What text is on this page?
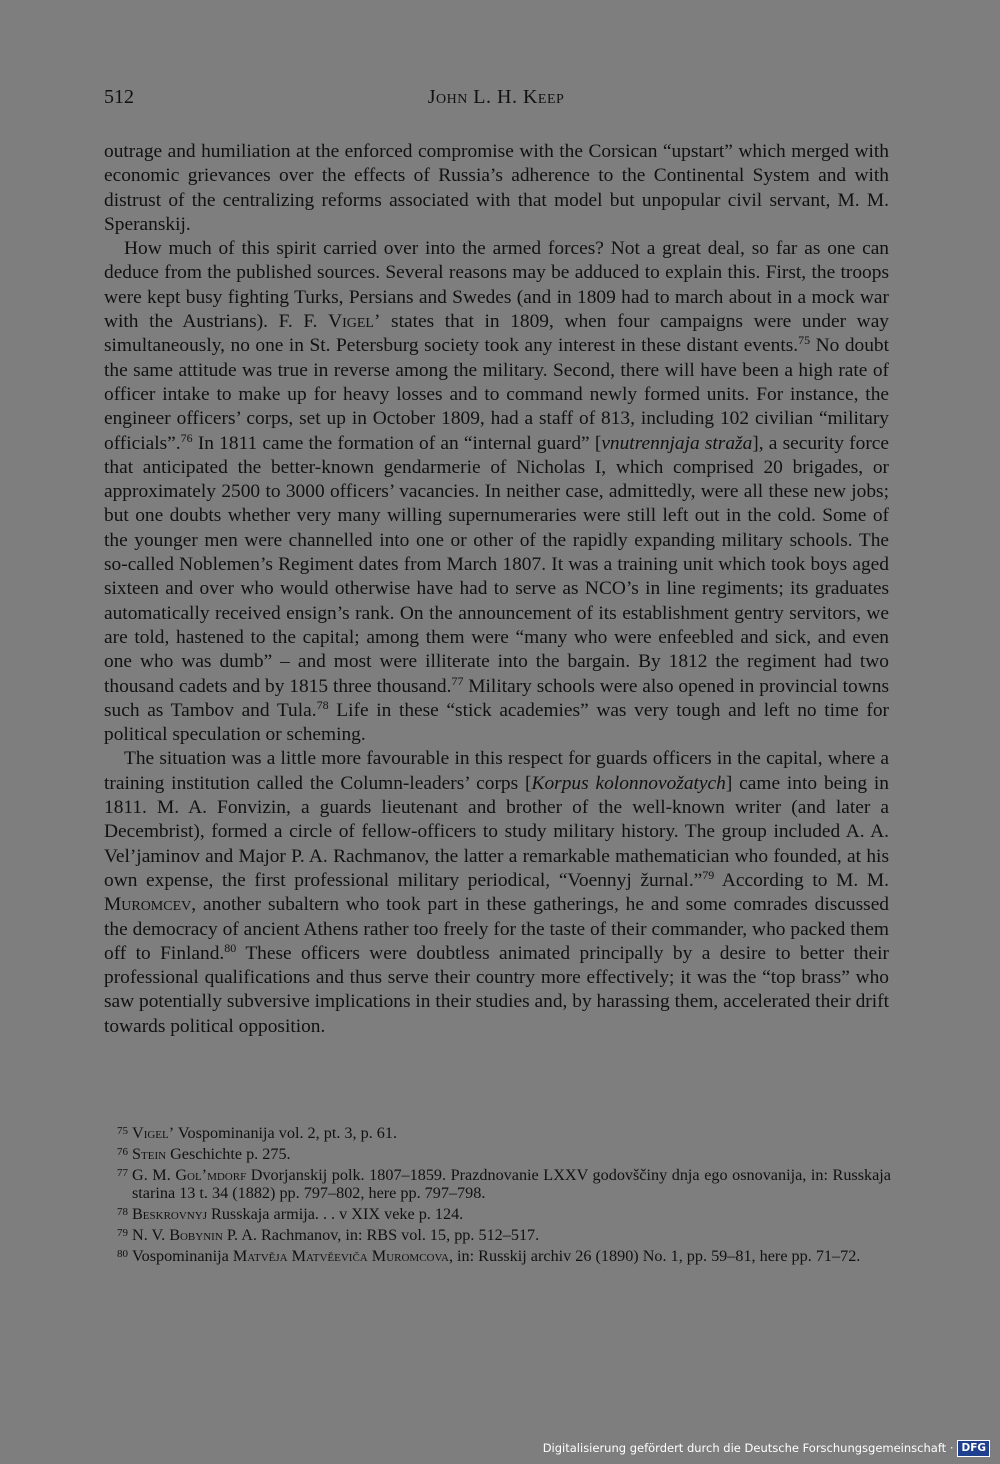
512	John L. H. Keep

outrage and humiliation at the enforced compromise with the Corsican “upstart” which merged with economic grievances over the effects of Russia’s adherence to the Continental System and with distrust of the centralizing reforms associated with that model but unpopular civil servant, M. M. Speranskij.

How much of this spirit carried over into the armed forces? Not a great deal, so far as one can deduce from the published sources. Several reasons may be adduced to explain this. First, the troops were kept busy fighting Turks, Persians and Swedes (and in 1809 had to march about in a mock war with the Austrians). F. F. Vigel’ states that in 1809, when four campaigns were under way simultaneously, no one in St. Petersburg society took any interest in these distant events.$^{75}$ No doubt the same attitude was true in reverse among the military. Second, there will have been a high rate of officer intake to make up for heavy losses and to command newly formed units. For instance, the engineer officers’ corps, set up in October 1809, had a staff of 813, including 102 civilian “military officials”.$^{76}$ In 1811 came the formation of an “internal guard” [vnutrennjaja straža], a security force that anticipated the better-known gendarmerie of Nicholas I, which comprised 20 brigades, or approximately 2500 to 3000 officers’ vacancies. In neither case, admittedly, were all these new jobs; but one doubts whether very many willing supernumeraries were still left out in the cold. Some of the younger men were channelled into one or other of the rapidly expanding military schools. The so-called Noblemen’s Regiment dates from March 1807. It was a training unit which took boys aged sixteen and over who would otherwise have had to serve as NCO’s in line regiments; its graduates automatically received ensign’s rank. On the announcement of its establishment gentry servitors, we are told, hastened to the capital; among them were “many who were enfeebled and sick, and even one who was dumb” – and most were illiterate into the bargain. By 1812 the regiment had two thousand cadets and by 1815 three thousand.$^{77}$ Military schools were also opened in provincial towns such as Tambov and Tula.$^{78}$ Life in these “stick academies” was very tough and left no time for political speculation or scheming.

The situation was a little more favourable in this respect for guards officers in the capital, where a training institution called the Column-leaders’ corps [Korpus kolonnovožatych] came into being in 1811. M. A. Fonvizin, a guards lieutenant and brother of the well-known writer (and later a Decembrist), formed a circle of fellow-officers to study military history. The group included A. A. Vel’jaminov and Major P. A. Rachmanov, the latter a remarkable mathematician who founded, at his own expense, the first professional military periodical, “Voennyj žurnal.”$^{79}$ According to M. M. Muromcev, another subaltern who took part in these gatherings, he and some comrades discussed the democracy of ancient Athens rather too freely for the taste of their commander, who packed them off to Finland.$^{80}$ These officers were doubtless animated principally by a desire to better their professional qualifications and thus serve their country more effectively; it was the “top brass” who saw potentially subversive implications in their studies and, by harassing them, accelerated their drift towards political opposition.

75 Vigel’ Vospominanija vol. 2, pt. 3, p. 61.

76 Stein Geschichte p. 275.

77 G. M. Gol’mdorf Dvorjanskij polk. 1807–1859. Prazdnovanie LXXV godovščiny dnja ego osnovanija, in: Russkaja starina 13 t. 34 (1882) pp. 797–802, here pp. 797–798.

78 Beskrovnyj Russkaja armija. . . v XIX veke p. 124.

79 N. V. Bobynin P. A. Rachmanov, in: RBS vol. 15, pp. 512–517.

80 Vospominanija Matvěja Matvěeviča Muromcova, in: Russkij archiv 26 (1890) No. 1, pp. 59–81, here pp. 71–72.

Digitalisierung gefördert durch die Deutsche Forschungsgemeinschaft · DFG
